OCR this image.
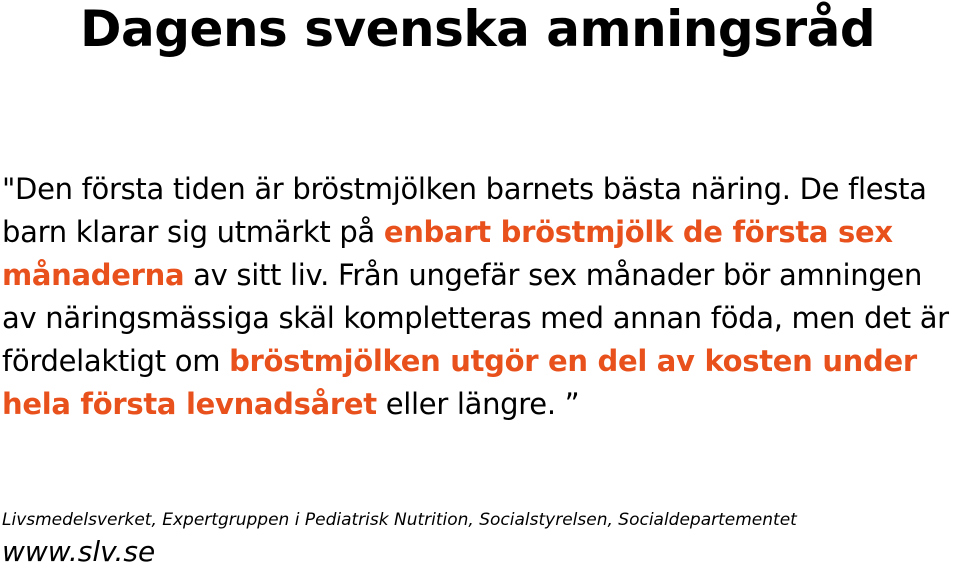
Dagens svenska amningsråd

"Den första tiden är bröstmjölken barnets bästa näring. De flesta barn klarar sig utmärkt på enbart bröstmjölk de första sex månaderna av sitt liv. Från ungefär sex månader bör amningen av näringsmässiga skäl kompletteras med annan föda, men det är fördelaktigt om bröstmjölken utgör en del av kosten under hela första levnadsåret eller längre. ”

Livsmedelsverket, Expertgruppen i Pediatrisk Nutrition, Socialstyrelsen, Socialdepartementet

www.slv.se
